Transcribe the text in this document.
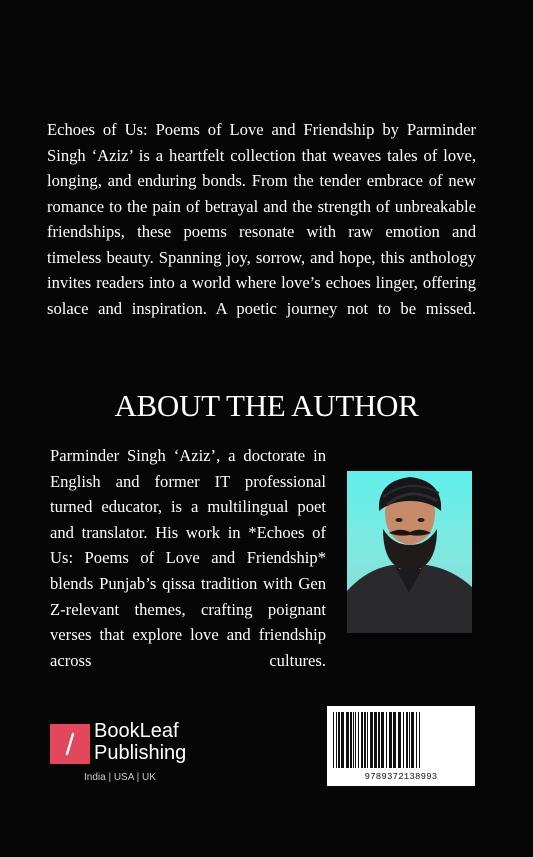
Echoes of Us: Poems of Love and Friendship by Parminder Singh ‘Aziz’ is a heartfelt collection that weaves tales of love, longing, and enduring bonds. From the tender embrace of new romance to the pain of betrayal and the strength of unbreakable friendships, these poems resonate with raw emotion and timeless beauty. Spanning joy, sorrow, and hope, this anthology invites readers into a world where love’s echoes linger, offering solace and inspiration. A poetic journey not to be missed.

ABOUT THE AUTHOR

Parminder Singh ‘Aziz’, a doctorate in English and former IT professional turned educator, is a multilingual poet and translator. His work in *Echoes of Us: Poems of Love and Friendship* blends Punjab’s qissa tradition with Gen Z-relevant themes, crafting poignant verses that explore love and friendship across cultures.

BookLeaf
Publishing
India | USA | UK	9789372138993
